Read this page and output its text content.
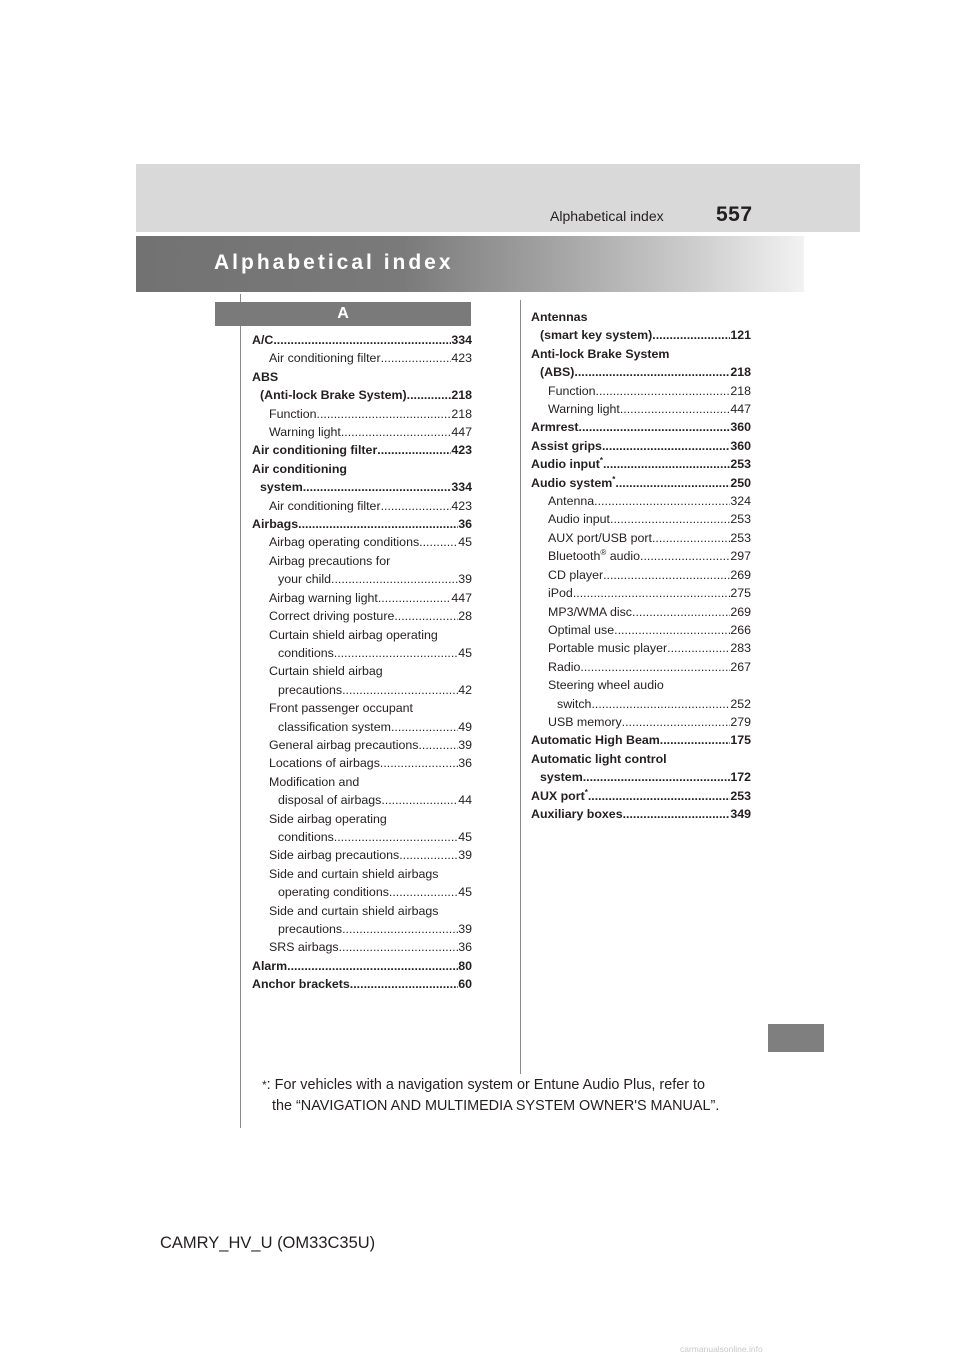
Alphabetical index 557
Alphabetical index
A
A/C .....	334
Air conditioning filter .....	423
ABS
(Anti-lock Brake System) .....	218
Function .....	218
Warning light .....	447
Air conditioning filter .....	423
Air conditioning
system .....	334
Air conditioning filter .....	423
Airbags .....	36
Airbag operating conditions .....	45
Airbag precautions for
your child .....	39
Airbag warning light .....	447
Correct driving posture .....	28
Curtain shield airbag operating
conditions .....	45
Curtain shield airbag
precautions .....	42
Front passenger occupant
classification system .....	49
General airbag precautions .....	39
Locations of airbags .....	36
Modification and
disposal of airbags .....	44
Side airbag operating
conditions .....	45
Side airbag precautions .....	39
Side and curtain shield airbags
operating conditions .....	45
Side and curtain shield airbags
precautions .....	39
SRS airbags .....	36
Alarm .....	80
Anchor brackets .....	60
Antennas
(smart key system) .....	121
Anti-lock Brake System
(ABS) .....	218
Function .....	218
Warning light .....	447
Armrest .....	360
Assist grips .....	360
Audio input* .....	253
Audio system* .....	250
Antenna .....	324
Audio input .....	253
AUX port/USB port .....	253
Bluetooth® audio .....	297
CD player .....	269
iPod .....	275
MP3/WMA disc .....	269
Optimal use .....	266
Portable music player .....	283
Radio .....	267
Steering wheel audio
switch .....	252
USB memory .....	279
Automatic High Beam .....	175
Automatic light control
system .....	172
AUX port* .....	253
Auxiliary boxes .....	349
*: For vehicles with a navigation system or Entune Audio Plus, refer to
the “NAVIGATION AND MULTIMEDIA SYSTEM OWNER'S MANUAL”.
CAMRY_HV_U (OM33C35U)
carmanualsonline.info
